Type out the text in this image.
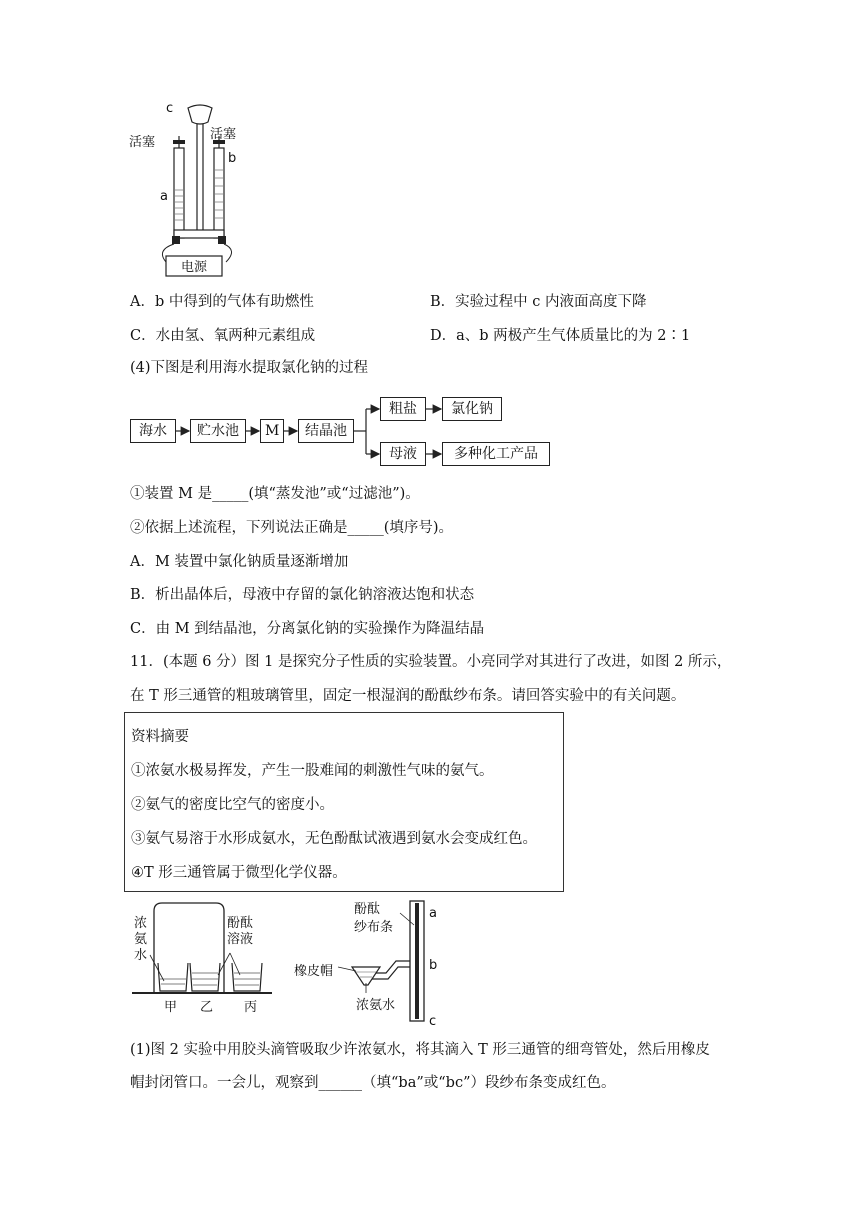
电源
c
活塞
活塞
b
a
A．b 中得到的气体有助燃性	B．实验过程中 c 内液面高度下降
C．水由氢、氧两种元素组成	D．a、b 两极产生气体质量比的为 2∶1
(4)下图是利用海水提取氯化钠的过程
海水	贮水池	M	结晶池
粗盐	氯化钠
母液	多种化工产品
①装置 M 是_____(填“蒸发池”或“过滤池”)。
②依据上述流程，下列说法正确是_____(填序号)。
A．M 装置中氯化钠质量逐渐增加
B．析出晶体后，母液中存留的氯化钠溶液达饱和状态
C．由 M 到结晶池，分离氯化钠的实验操作为降温结晶
11．(本题 6 分）图 1 是探究分子性质的实验装置。小亮同学对其进行了改进，如图 2 所示，
在 T 形三通管的粗玻璃管里，固定一根湿润的酚酞纱布条。请回答实验中的有关问题。
资料摘要
①浓氨水极易挥发，产生一股难闻的刺激性气味的氨气。
②氨气的密度比空气的密度小。
③氨气易溶于水形成氨水，无色酚酞试液遇到氨水会变成红色。
④T 形三通管属于微型化学仪器。
浓
氨
水
酚酞
溶液
甲 乙 丙
酚酞
纱布条
橡皮帽
浓氨水
a
b
c
(1)图 2 实验中用胶头滴管吸取少许浓氨水，将其滴入 T 形三通管的细弯管处，然后用橡皮
帽封闭管口。一会儿，观察到______（填“ba”或“bc”）段纱布条变成红色。
